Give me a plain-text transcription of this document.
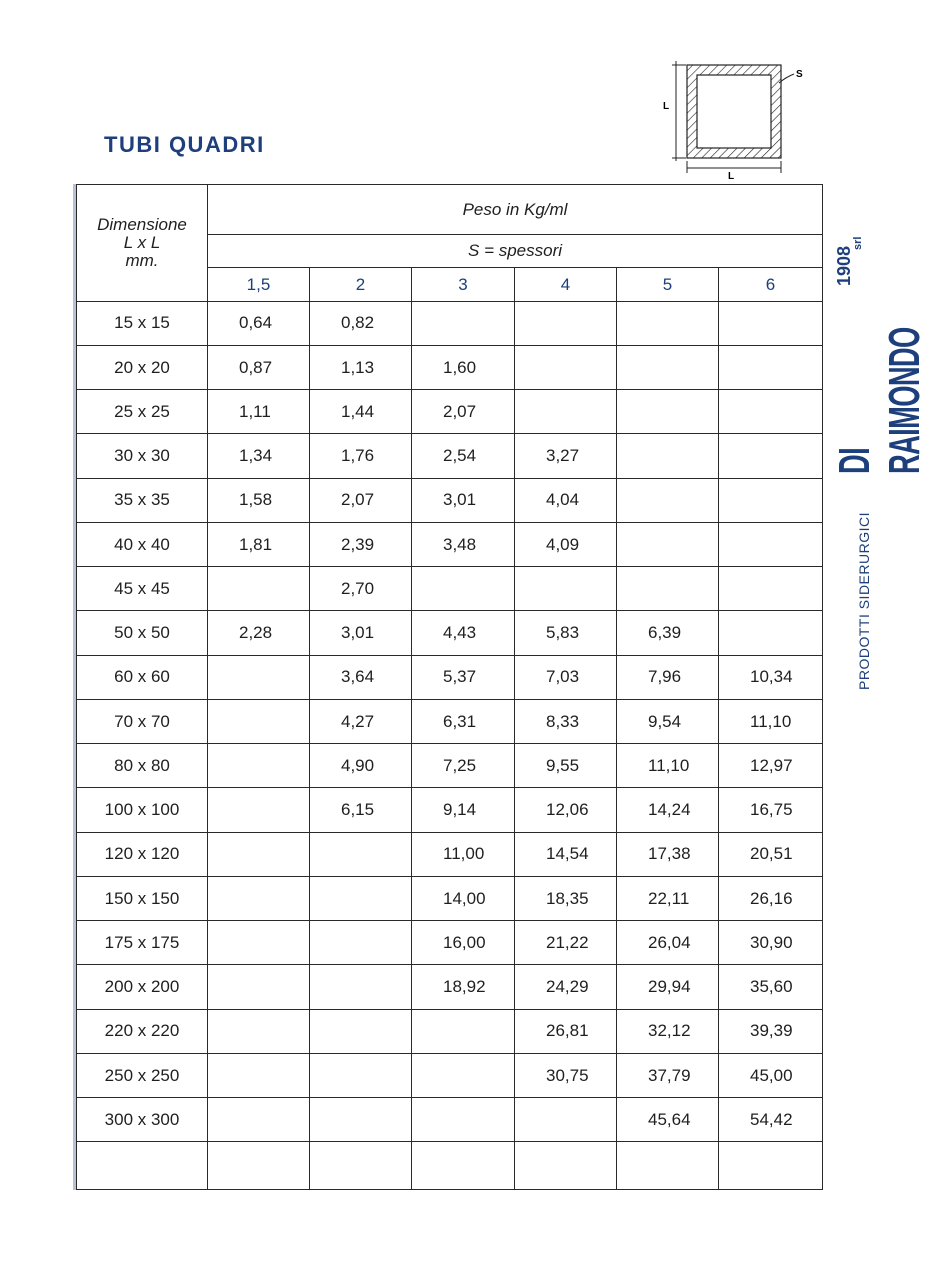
TUBI QUADRI
S
L
L
Dimensione
L x L
mm.	Peso in Kg/ml					
	S = spessori					
	1,5	2	3	4	5	6
15 x 15	0,64	0,82				
20 x 20	0,87	1,13	1,60			
25 x 25	1,11	1,44	2,07			
30 x 30	1,34	1,76	2,54	3,27		
35 x 35	1,58	2,07	3,01	4,04		
40 x 40	1,81	2,39	3,48	4,09		
45 x 45		2,70				
50 x 50	2,28	3,01	4,43	5,83	6,39	
60 x 60		3,64	5,37	7,03	7,96	10,34
70 x 70		4,27	6,31	8,33	9,54	11,10
80 x 80		4,90	7,25	9,55	11,10	12,97
100 x 100		6,15	9,14	12,06	14,24	16,75
120 x 120			11,00	14,54	17,38	20,51
150 x 150			14,00	18,35	22,11	26,16
175 x 175			16,00	21,22	26,04	30,90
200 x 200			18,92	24,29	29,94	35,60
220 x 220				26,81	32,12	39,39
250 x 250				30,75	37,79	45,00
300 x 300					45,64	54,42

DI RAIMONDO
1908
srl
PRODOTTI SIDERURGICI
